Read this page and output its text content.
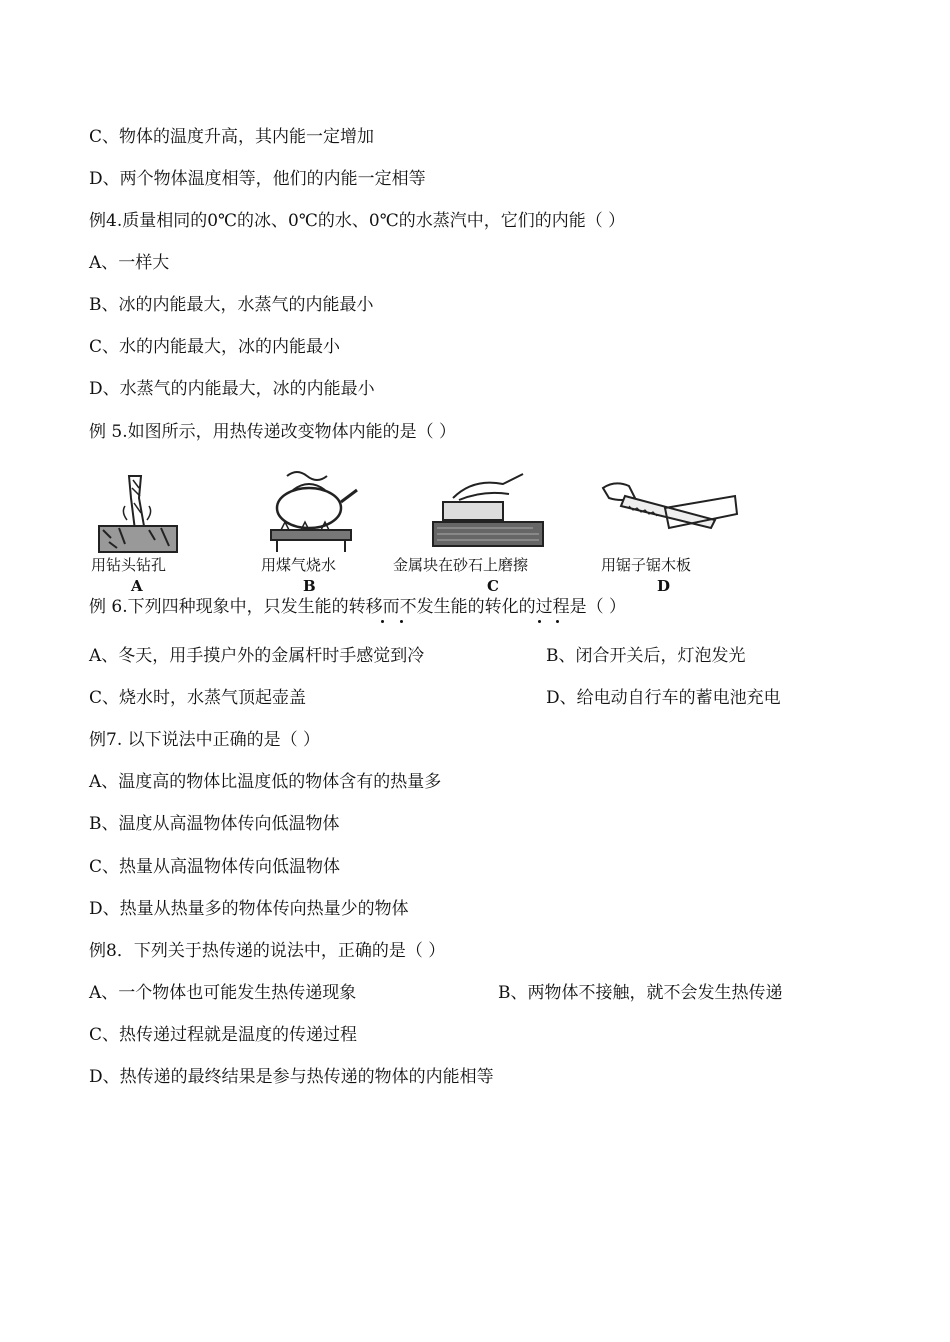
C、物体的温度升高，其内能一定增加
D、两个物体温度相等，他们的内能一定相等
例4.质量相同的0℃的冰、0℃的水、0℃的水蒸汽中，它们的内能（ ）
A、一样大
B、冰的内能最大，水蒸气的内能最小
C、水的内能最大，冰的内能最小
D、水蒸气的内能最大，冰的内能最小
例 5.如图所示，用热传递改变物体内能的是（ ）
用钻头钻孔
A
用煤气烧水
B
金属块在砂石上磨擦
C
用锯子锯木板
D
例 6.下列四种现象中，只发生能的转移而不发生能的转化的过程是（ ）
A、冬天，用手摸户外的金属杆时手感觉到冷	B、闭合开关后，灯泡发光
C、烧水时，水蒸气顶起壶盖	D、给电动自行车的蓄电池充电
例7. 以下说法中正确的是（ ）
A、温度高的物体比温度低的物体含有的热量多
B、温度从高温物体传向低温物体
C、热量从高温物体传向低温物体
D、热量从热量多的物体传向热量少的物体
例8．下列关于热传递的说法中，正确的是（ ）
A、一个物体也可能发生热传递现象	B、两物体不接触，就不会发生热传递
C、热传递过程就是温度的传递过程
D、热传递的最终结果是参与热传递的物体的内能相等
